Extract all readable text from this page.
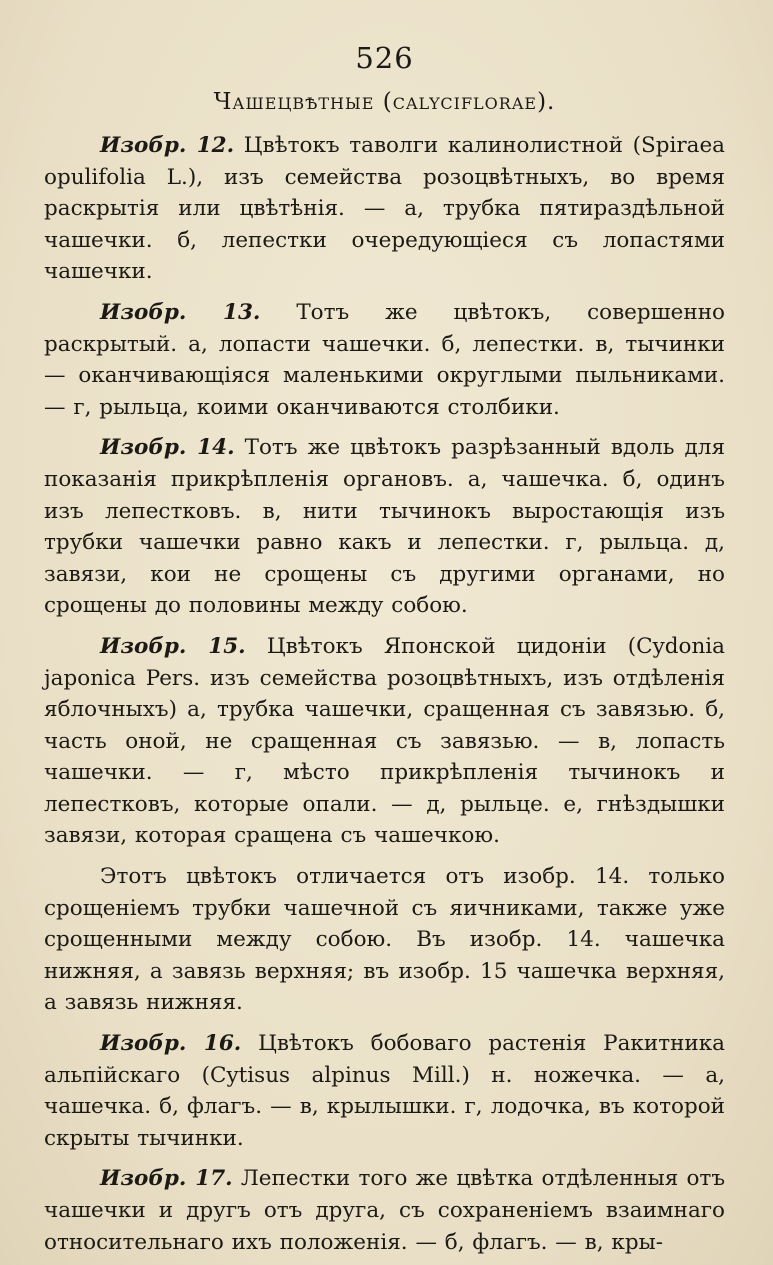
526
Чашецвѣтные (calyciflorae).

Изобр. 12. Цвѣтокъ таволги калинолистной (Spiraea opulifolia L.), изъ семейства розоцвѣтныхъ, во время раскрытія или цвѣтѣнія. — а, трубка пятираздѣльной чашечки. б, лепестки очередующіеся съ лопастями чашечки.

Изобр. 13. Тотъ же цвѣтокъ, совершенно раскрытый. а, лопасти чашечки. б, лепестки. в, тычинки — оканчивающіяся маленькими округлыми пыльниками. — г, рыльца, коими оканчиваются столбики.

Изобр. 14. Тотъ же цвѣтокъ разрѣзанный вдоль для показанія прикрѣпленія органовъ. а, чашечка. б, одинъ изъ лепестковъ. в, нити тычинокъ выростающія изъ трубки чашечки равно какъ и лепестки. г, рыльца. д, завязи, кои не срощены съ другими органами, но срощены до половины между собою.

Изобр. 15. Цвѣтокъ Японской цидоніи (Cydonia japonica Pers. изъ семейства розоцвѣтныхъ, изъ отдѣленія яблочныхъ) а, трубка чашечки, сращенная съ завязью. б, часть оной, не сращенная съ завязью. — в, лопасть чашечки. — г, мѣсто прикрѣпленія тычинокъ и лепестковъ, которые опали. — д, рыльце. е, гнѣздышки завязи, которая сращена съ чашечкою.

Этотъ цвѣтокъ отличается отъ изобр. 14. только срощеніемъ трубки чашечной съ яичниками, также уже срощенными между собою. Въ изобр. 14. чашечка нижняя, а завязь верхняя; въ изобр. 15 чашечка верхняя, а завязь нижняя.

Изобр. 16. Цвѣтокъ бобоваго растенія Ракитника альпійскаго (Cytisus alpinus Mill.) н. ножечка. — а, чашечка. б, флагъ. — в, крылышки. г, лодочка, въ которой скрыты тычинки.

Изобр. 17. Лепестки того же цвѣтка отдѣленныя отъ чашечки и другъ отъ друга, съ сохраненіемъ взаимнаго относительнаго ихъ положенія. — б, флагъ. — в, кры-
